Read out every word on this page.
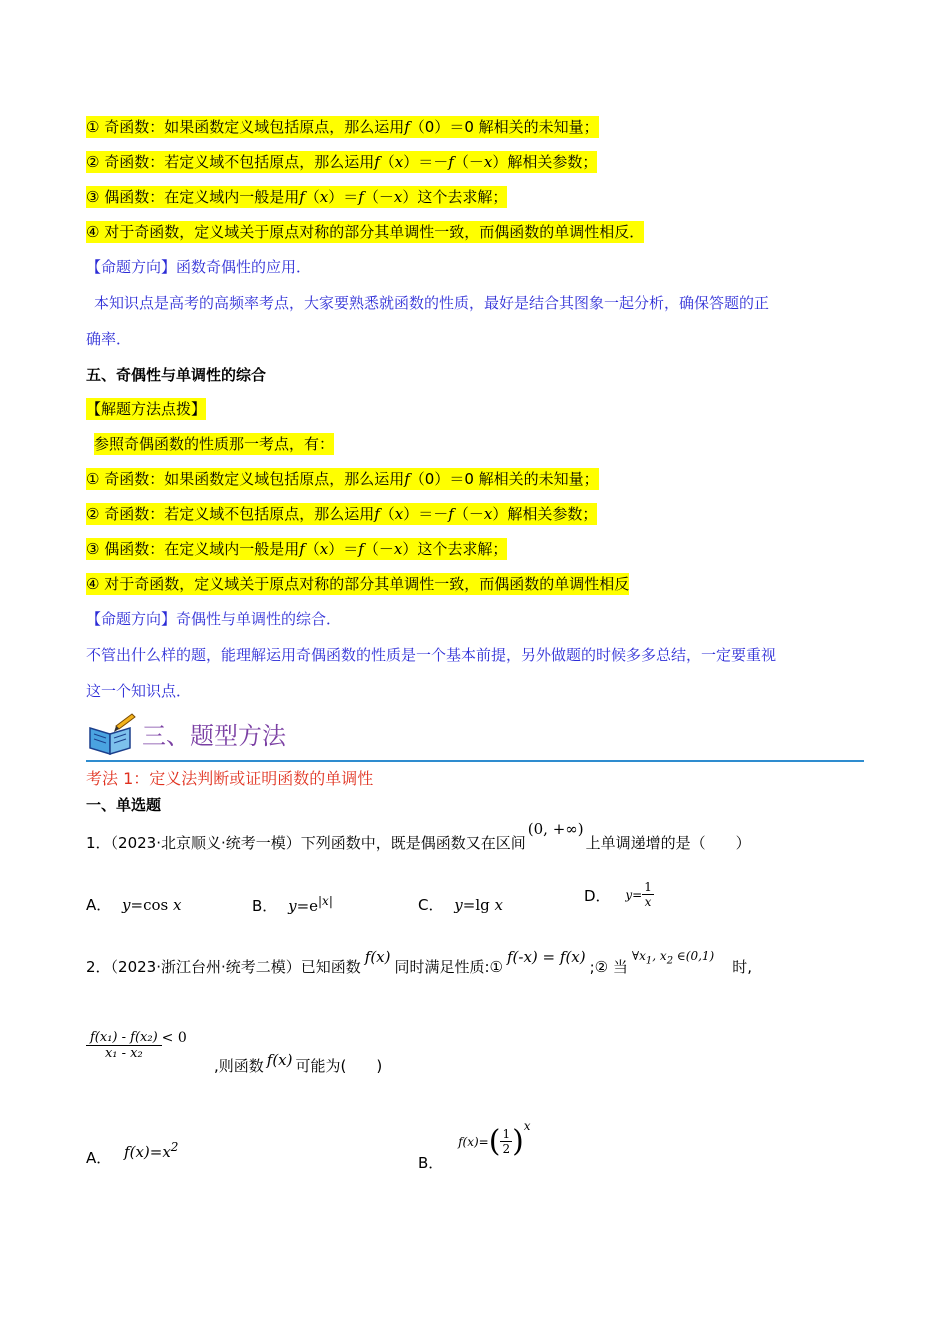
① 奇函数：如果函数定义域包括原点，那么运用f（0）＝0 解相关的未知量；
② 奇函数：若定义域不包括原点，那么运用f（x）＝－f（－x）解相关参数；
③ 偶函数：在定义域内一般是用f（x）＝f（－x）这个去求解；
④ 对于奇函数，定义域关于原点对称的部分其单调性一致，而偶函数的单调性相反．
【命题方向】函数奇偶性的应用．
本知识点是高考的高频率考点，大家要熟悉就函数的性质，最好是结合其图象一起分析，确保答题的正
确率．
五、奇偶性与单调性的综合
【解题方法点拨】
参照奇偶函数的性质那一考点，有：
① 奇函数：如果函数定义域包括原点，那么运用f（0）＝0 解相关的未知量；
② 奇函数：若定义域不包括原点，那么运用f（x）＝－f（－x）解相关参数；
③ 偶函数：在定义域内一般是用f（x）＝f（－x）这个去求解；
④ 对于奇函数，定义域关于原点对称的部分其单调性一致，而偶函数的单调性相反
【命题方向】奇偶性与单调性的综合．
不管出什么样的题，能理解运用奇偶函数的性质是一个基本前提，另外做题的时候多多总结，一定要重视
这一个知识点．
三、题型方法
考法 1：定义法判断或证明函数的单调性
一、单选题
1．（2023·北京顺义·统考一模）下列函数中，既是偶函数又在区间(0, +∞)上单调递增的是（　　）
A． y=cos x	B． $y=e^{|x|}$	C． y=lg x	D． $y= \frac{1}{x}$
2．（2023·浙江台州·统考二模）已知函数f(x)同时满足性质:①f(-x) = f(x);② 当$^{\forall x_1, x_2 \in(0,1)}$时,
$\frac{\text{f(x₁) - f(x₂)}}{\text{x₁ - x₂}} < 0$
,则函数 f(x) 可能为(　　)
A． $f(x)=x^2$
B． $f(x)=( \frac{1}{2} )^x$
